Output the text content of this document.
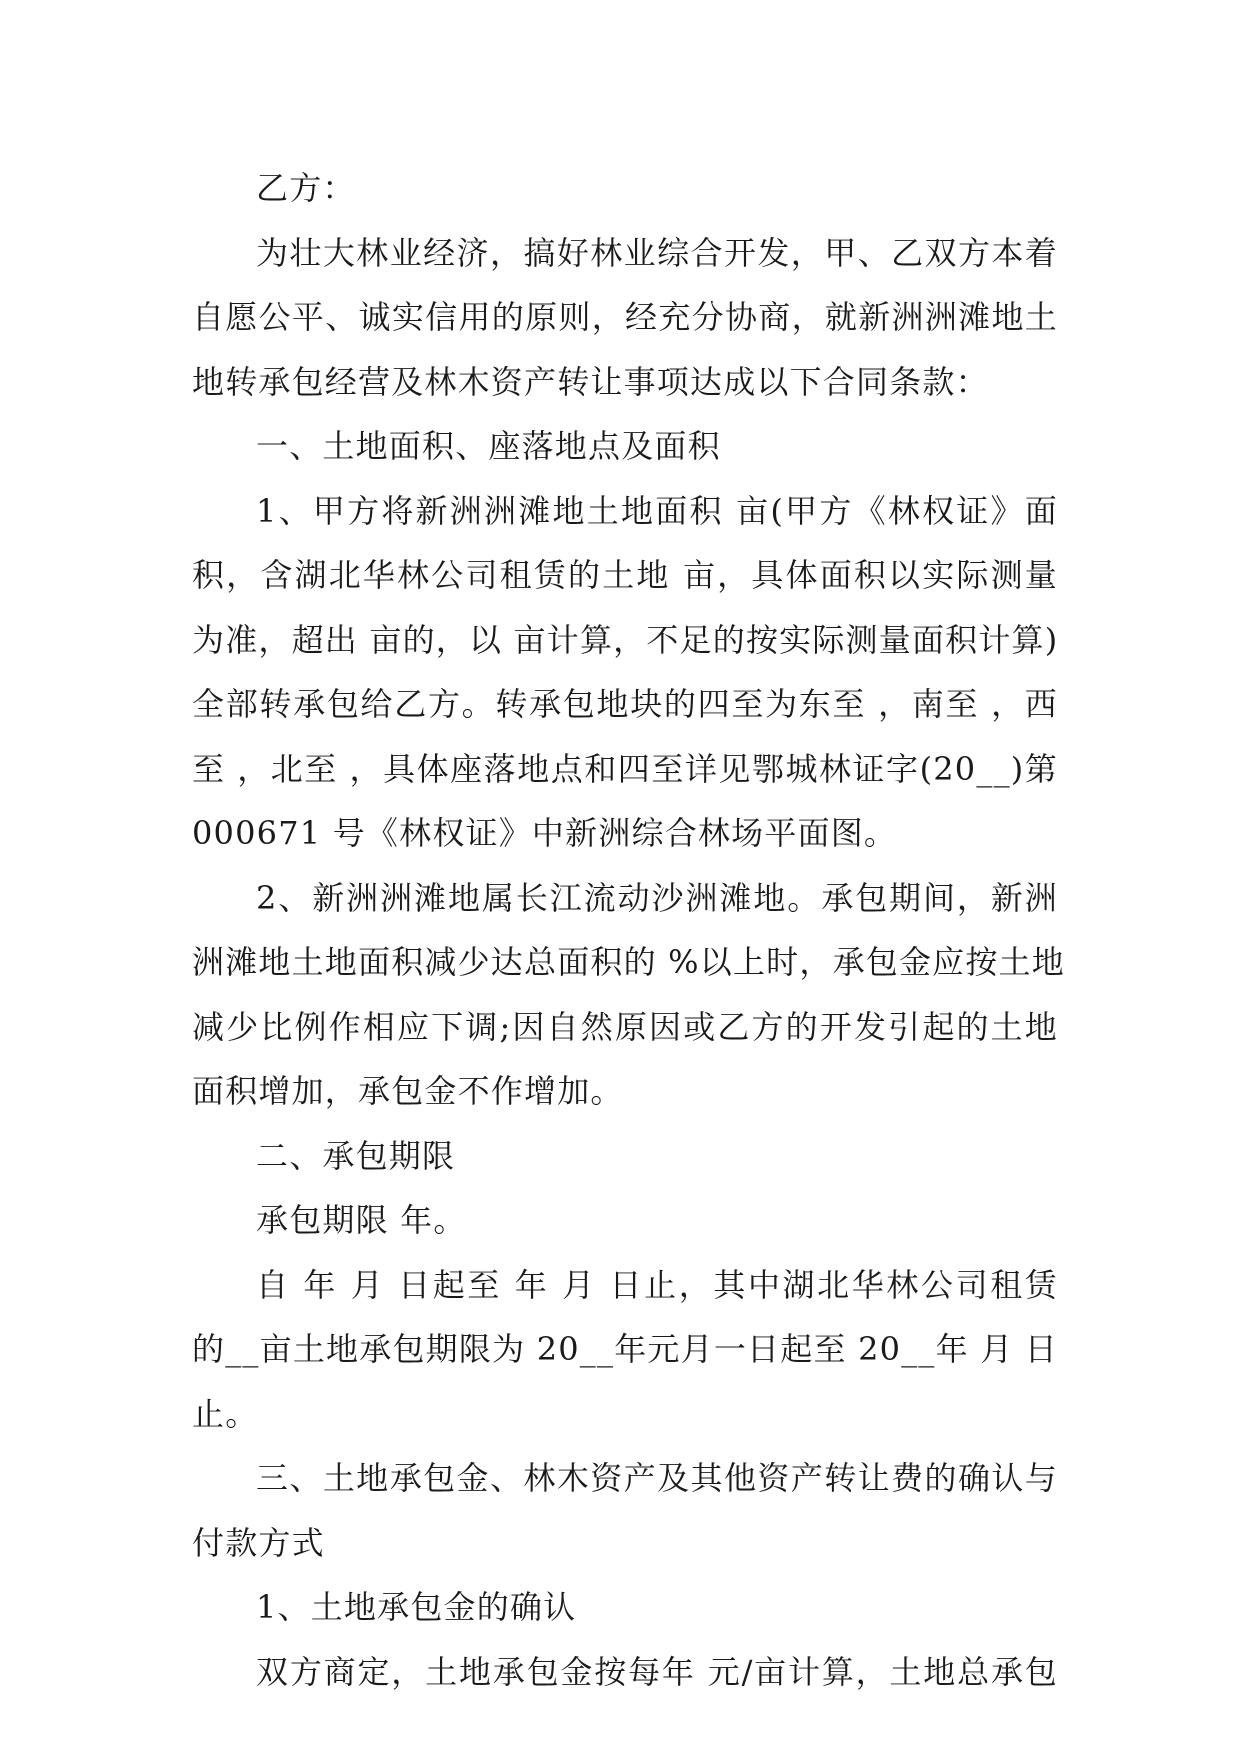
乙方：
为壮大林业经济，搞好林业综合开发，甲、乙双方本着
自愿公平、诚实信用的原则，经充分协商，就新洲洲滩地土
地转承包经营及林木资产转让事项达成以下合同条款：
一、土地面积、座落地点及面积
1、甲方将新洲洲滩地土地面积 亩(甲方《林权证》面
积，含湖北华林公司租赁的土地 亩，具体面积以实际测量
为准，超出 亩的，以 亩计算，不足的按实际测量面积计算)
全部转承包给乙方。转承包地块的四至为东至 ，南至 ，西
至 ，北至 ，具体座落地点和四至详见鄂城林证字(20__)第
000671 号《林权证》中新洲综合林场平面图。
2、新洲洲滩地属长江流动沙洲滩地。承包期间，新洲
洲滩地土地面积减少达总面积的 %以上时，承包金应按土地
减少比例作相应下调;因自然原因或乙方的开发引起的土地
面积增加，承包金不作增加。
二、承包期限
承包期限 年。
自 年 月 日起至 年 月 日止，其中湖北华林公司租赁
的__亩土地承包期限为 20__年元月一日起至 20__年 月 日
止。
三、土地承包金、林木资产及其他资产转让费的确认与
付款方式
1、土地承包金的确认
双方商定，土地承包金按每年 元/亩计算，土地总承包
